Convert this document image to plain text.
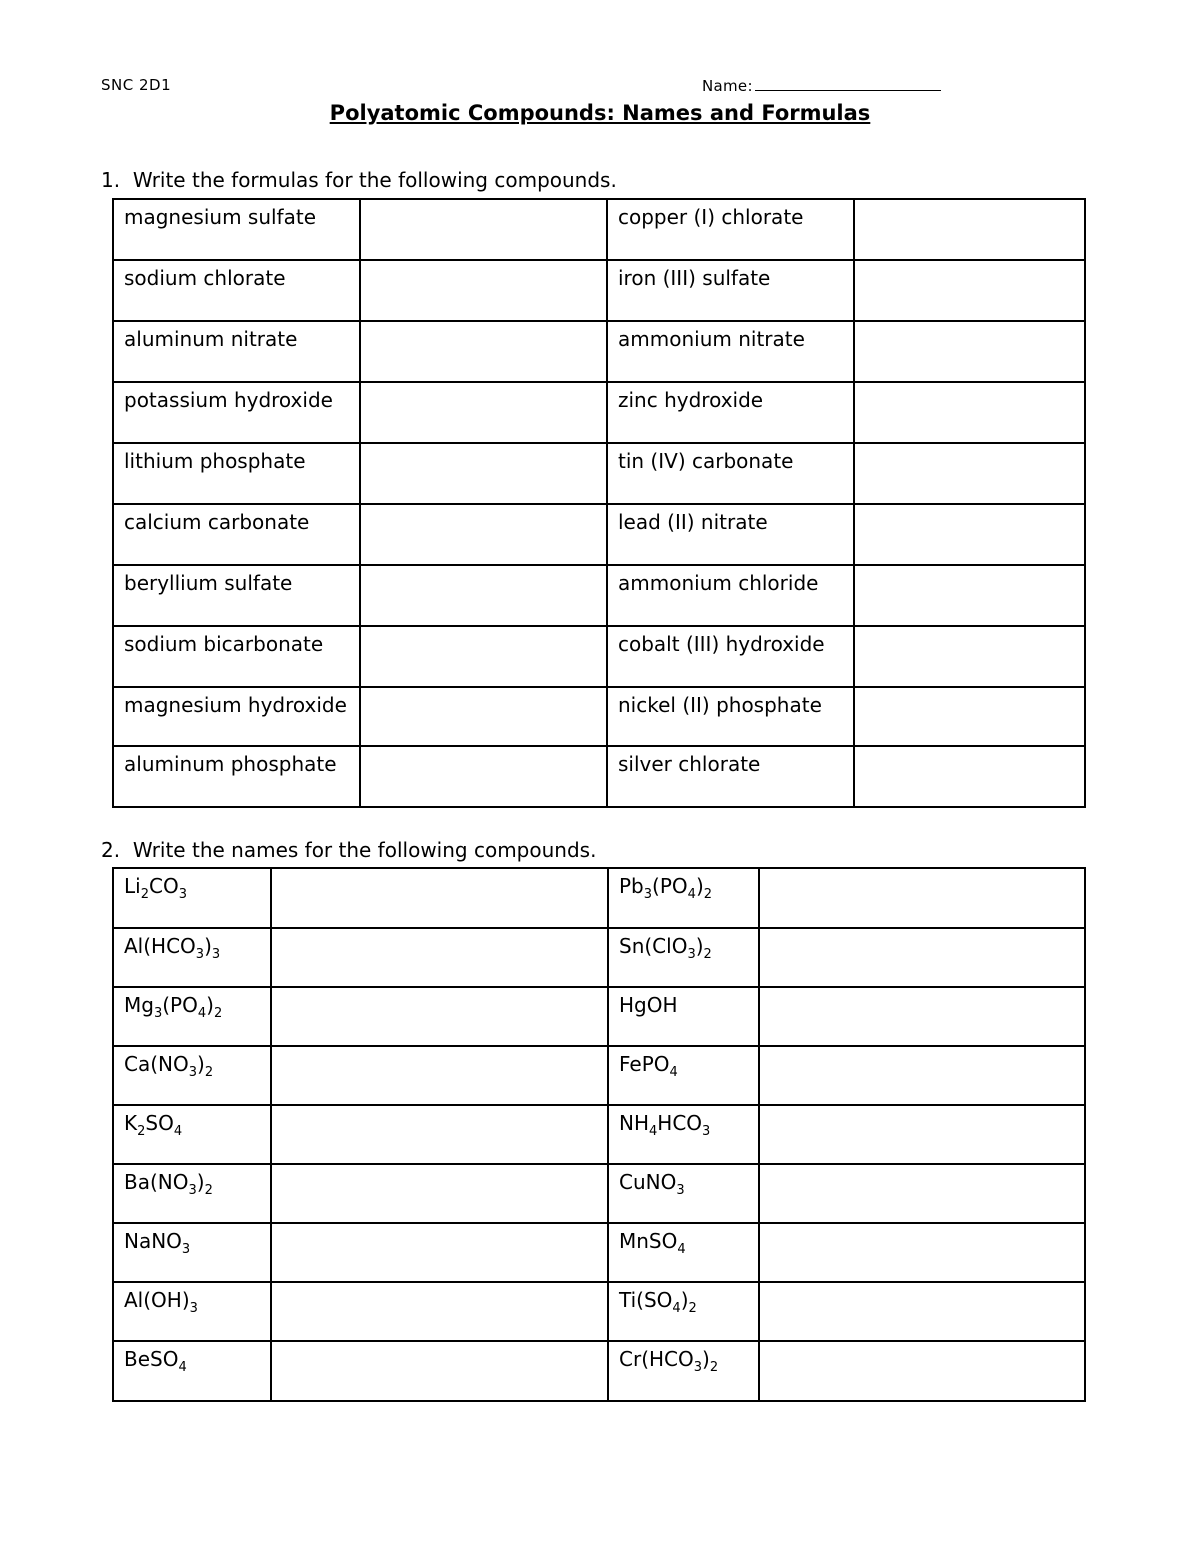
SNC 2D1	Name:
Polyatomic Compounds: Names and Formulas
1. Write the formulas for the following compounds.
magnesium sulfate		copper (I) chlorate	
sodium chlorate		iron (III) sulfate	
aluminum nitrate		ammonium nitrate	
potassium hydroxide		zinc hydroxide	
lithium phosphate		tin (IV) carbonate	
calcium carbonate		lead (II) nitrate	
beryllium sulfate		ammonium chloride	
sodium bicarbonate		cobalt (III) hydroxide	
magnesium hydroxide		nickel (II) phosphate	
aluminum phosphate		silver chlorate	
2. Write the names for the following compounds.
$Li_2CO_3$		$Pb_3(PO_4)_2$	
$Al(HCO_3)_3$		$Sn(ClO_3)_2$	
$Mg_3(PO_4)_2$		HgOH	
$Ca(NO_3)_2$		FePO$_4$	
$K_2SO_4$		$NH_4HCO_3$	
$Ba(NO_3)_2$		CuNO$_3$	
NaNO$_3$		MnSO$_4$	
$Al(OH)_3$		$Ti(SO_4)_2$	
BeSO$_4$		$Cr(HCO_3)_2$	
